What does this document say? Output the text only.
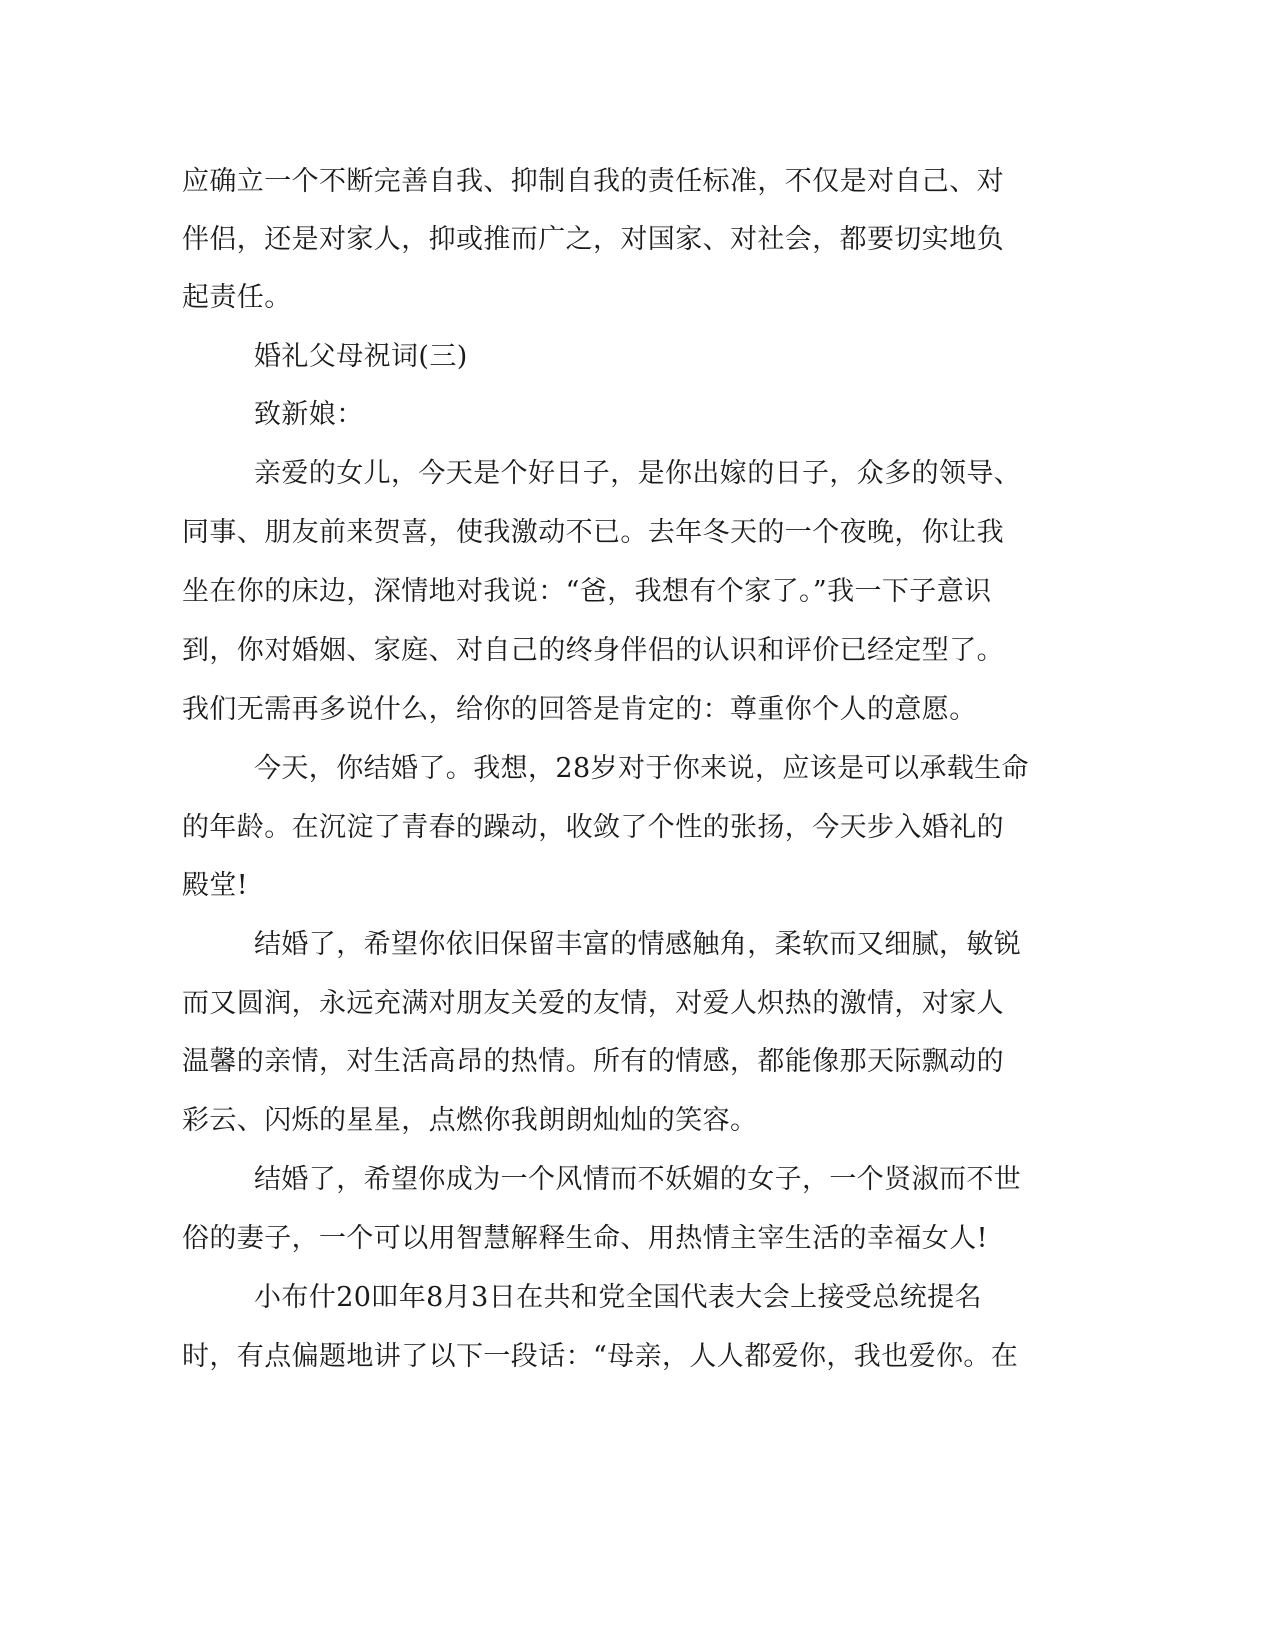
应确立一个不断完善自我、抑制自我的责任标准，不仅是对自己、对
伴侣，还是对家人，抑或推而广之，对国家、对社会，都要切实地负
起责任。
婚礼父母祝词(三)
致新娘：
亲爱的女儿，今天是个好日子，是你出嫁的日子，众多的领导、
同事、朋友前来贺喜，使我激动不已。去年冬天的一个夜晚，你让我
坐在你的床边，深情地对我说：“爸，我想有个家了。”我一下子意识
到，你对婚姻、家庭、对自己的终身伴侣的认识和评价已经定型了。
我们无需再多说什么，给你的回答是肯定的：尊重你个人的意愿。
今天，你结婚了。我想，28岁对于你来说，应该是可以承载生命
的年龄。在沉淀了青春的躁动，收敛了个性的张扬，今天步入婚礼的
殿堂!
结婚了，希望你依旧保留丰富的情感触角，柔软而又细腻，敏锐
而又圆润，永远充满对朋友关爱的友情，对爱人炽热的激情，对家人
温馨的亲情，对生活高昂的热情。所有的情感，都能像那天际飘动的
彩云、闪烁的星星，点燃你我朗朗灿灿的笑容。
结婚了，希望你成为一个风情而不妖媚的女子，一个贤淑而不世
俗的妻子，一个可以用智慧解释生命、用热情主宰生活的幸福女人!
小布什20吅年8月3日在共和党全国代表大会上接受总统提名
时，有点偏题地讲了以下一段话：“母亲，人人都爱你，我也爱你。在
